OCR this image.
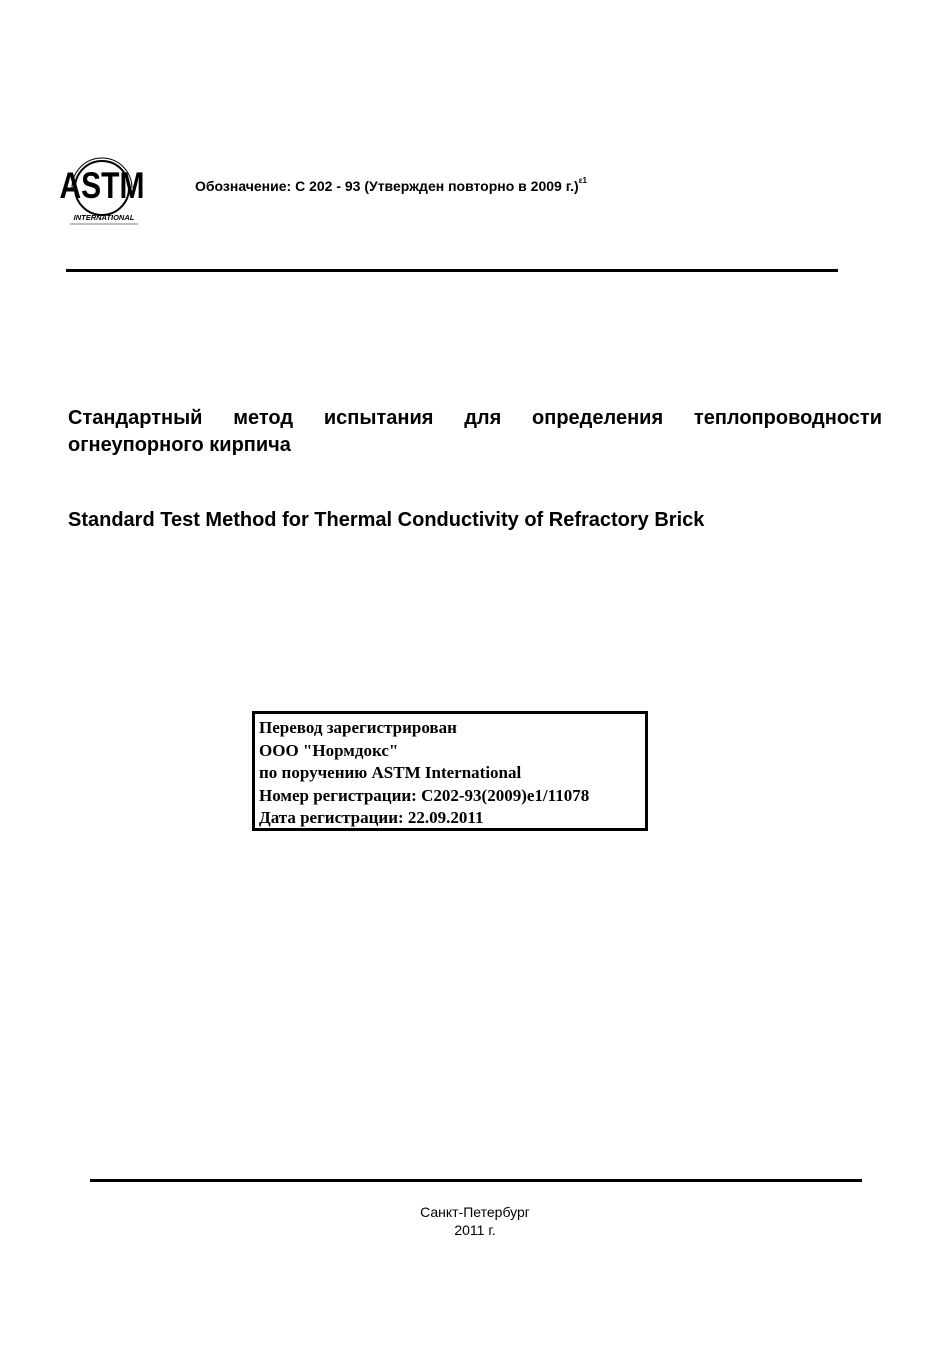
ASTM
INTERNATIONAL
Обозначение: C 202 - 93 (Утвержден повторно в 2009 г.)$^{\varepsilon 1}$
Стандартный метод испытания для определения теплопроводности огнеупорного кирпича
Standard Test Method for Thermal Conductivity of Refractory Brick
Перевод зарегистрирован
ООО "Нормдокс"
по поручению ASTM International
Номер регистрации: C202-93(2009)e1/11078
Дата регистрации: 22.09.2011
Санкт-Петербург
2011 г.
